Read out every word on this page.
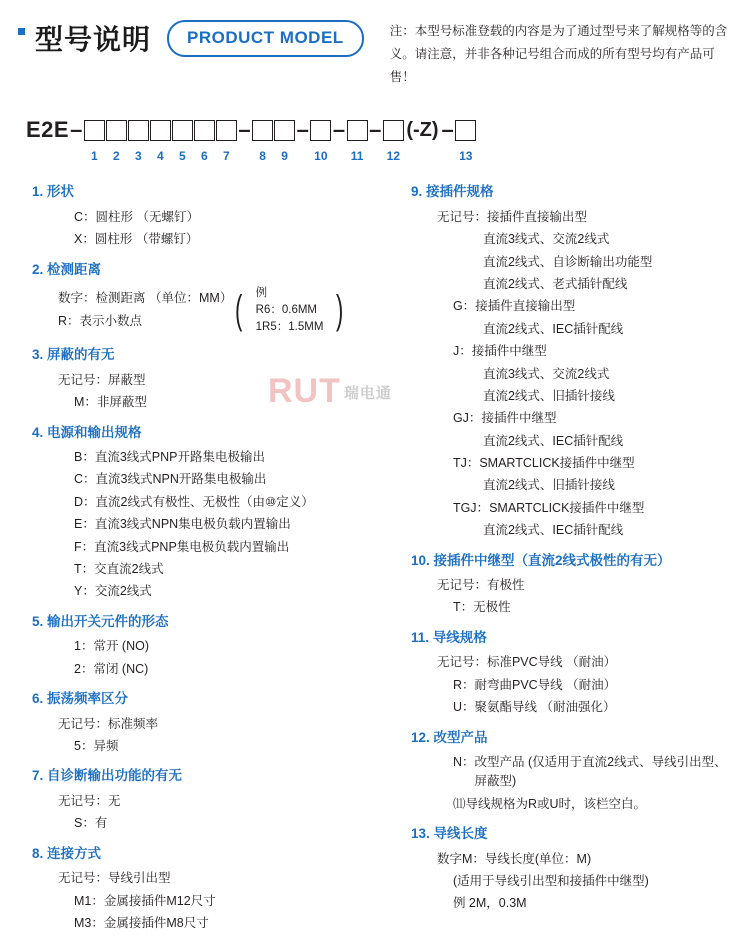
型号说明	PRODUCT MODEL	注：本型号标准登载的内容是为了通过型号来了解规格等的含义。请注意，并非各种记号组合而成的所有型号均有产品可售！
E2E –	– – – – (-Z) –
1	2	3	4	5	6	7	8	9	10	11	12	13
RUT 瑞电通
1. 形状
C： 圆柱形 （无螺钉）
X： 圆柱形 （带螺钉）
2. 检测距离
数字： 检测距离 （单位：MM）
R： 表示小数点	( 例
R6：0.6MM
1R5：1.5MM )
3. 屏蔽的有无
无记号： 屏蔽型
M： 非屏蔽型
4. 电源和输出规格
B： 直流3线式PNP开路集电极输出
C： 直流3线式NPN开路集电极输出
D： 直流2线式有极性、无极性（由⑩定义）
E： 直流3线式NPN集电极负载内置输出
F： 直流3线式PNP集电极负载内置输出
T： 交直流2线式
Y： 交流2线式
5. 输出开关元件的形态
1： 常开 (NO)
2： 常闭 (NC)
6. 振荡频率区分
无记号： 标准频率
5： 异频
7. 自诊断输出功能的有无
无记号： 无
S： 有
8. 连接方式
无记号： 导线引出型
M1： 金属接插件M12尺寸
M3： 金属接插件M8尺寸
9. 接插件规格
无记号： 接插件直接输出型
直流3线式、交流2线式
直流2线式、自诊断输出功能型
直流2线式、老式插针配线
G： 接插件直接输出型
直流2线式、IEC插针配线
J： 接插件中继型
直流3线式、交流2线式
直流2线式、旧插针接线
GJ： 接插件中继型
直流2线式、IEC插针配线
TJ： SMARTCLICK接插件中继型
直流2线式、旧插针接线
TGJ： SMARTCLICK接插件中继型
直流2线式、IEC插针配线
10. 接插件中继型（直流2线式极性的有无）
无记号： 有极性
T： 无极性
11. 导线规格
无记号： 标准PVC导线 （耐油）
R： 耐弯曲PVC导线 （耐油）
U： 聚氨酯导线 （耐油强化）
12. 改型产品
N： 改型产品 (仅适用于直流2线式、导线引出型、屏蔽型)
⑾导线规格为R或U时，该栏空白。
13. 导线长度
数字M： 导线长度(单位：M)
(适用于导线引出型和接插件中继型)
例 2M，0.3M
